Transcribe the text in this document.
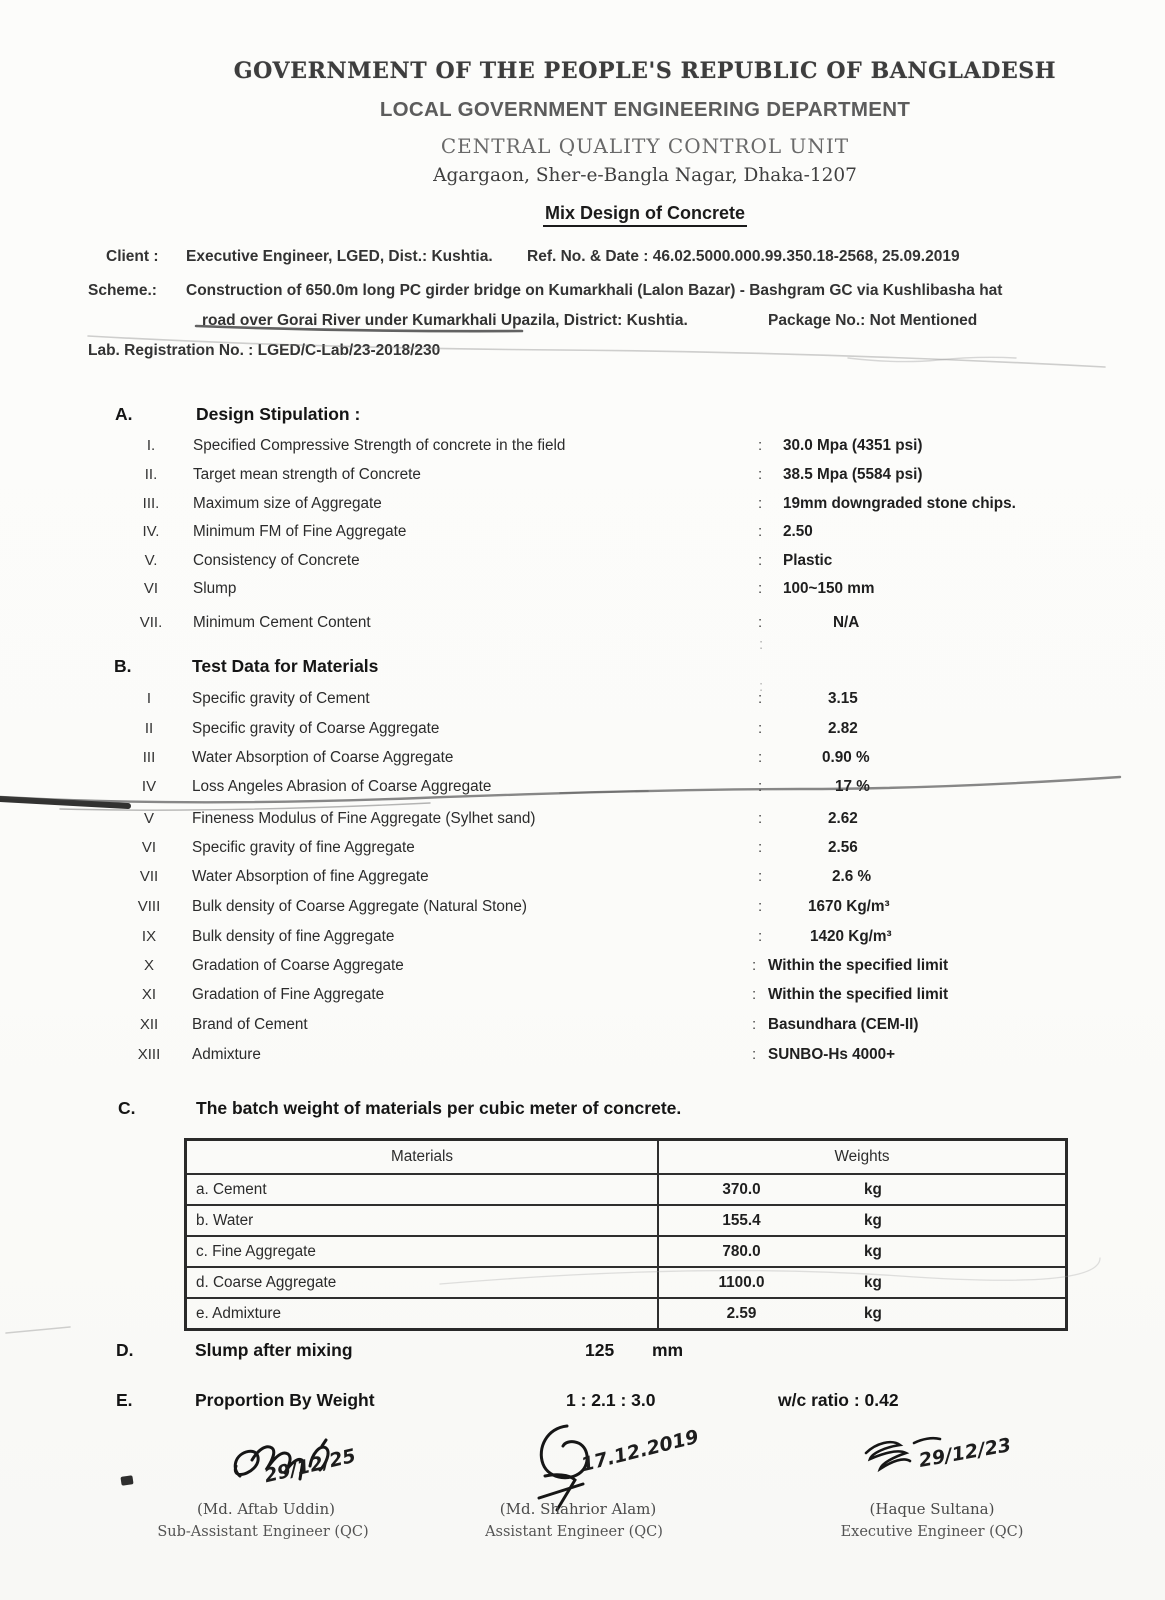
GOVERNMENT OF THE PEOPLE'S REPUBLIC OF BANGLADESH
LOCAL GOVERNMENT ENGINEERING DEPARTMENT
CENTRAL QUALITY CONTROL UNIT
Agargaon, Sher-e-Bangla Nagar, Dhaka-1207
Mix Design of Concrete
Client : Executive Engineer, LGED, Dist.: Kushtia. Ref. No. & Date : 46.02.5000.000.99.350.18-2568, 25.09.2019
Scheme.: Construction of 650.0m long PC girder bridge on Kumarkhali (Lalon Bazar) - Bashgram GC via Kushlibasha hat
road over Gorai River under Kumarkhali Upazila, District: Kushtia.	Package No.: Not Mentioned
Lab. Registration No. : LGED/C-Lab/23-2018/230
A.	Design Stipulation :
I.	Specified Compressive Strength of concrete in the field	: 30.0 Mpa (4351 psi)
II.	Target mean strength of Concrete	: 38.5 Mpa (5584 psi)
III.	Maximum size of Aggregate	: 19mm downgraded stone chips.
IV.	Minimum FM of Fine Aggregate	: 2.50
V.	Consistency of Concrete	: Plastic
VI	Slump	: 100~150 mm
VII.	Minimum Cement Content	:	N/A
:
:
B.	Test Data for Materials
I	Specific gravity of Cement	:	3.15
II	Specific gravity of Coarse Aggregate	:	2.82
III	Water Absorption of Coarse Aggregate	:	0.90 %
IV	Loss Angeles Abrasion of Coarse Aggregate	:	17 %
V	Fineness Modulus of Fine Aggregate (Sylhet sand)	:	2.62
VI	Specific gravity of fine Aggregate	:	2.56
VII	Water Absorption of fine Aggregate	:	2.6 %
VIII	Bulk density of Coarse Aggregate (Natural Stone)	:	1670 Kg/m³
IX	Bulk density of fine Aggregate	:	1420 Kg/m³
X	Gradation of Coarse Aggregate	: Within the specified limit
XI	Gradation of Fine Aggregate	: Within the specified limit
XII	Brand of Cement	: Basundhara (CEM-II)
XIII	Admixture	: SUNBO-Hs 4000+
C.	The batch weight of materials per cubic meter of concrete.
Materials	Weights
a. Cement	370.0	kg
b. Water	155.4	kg
c. Fine Aggregate	780.0	kg
d. Coarse Aggregate	1100.0	kg
e. Admixture	2.59	kg
D.	Slump after mixing	125 mm
E.	Proportion By Weight	1 : 2.1 : 3.0	w/c ratio : 0.42
29/12/25
(Md. Aftab Uddin)
Sub-Assistant Engineer (QC)
17.12.2019
(Md. Shahrior Alam)
Assistant Engineer (QC)
29/12/23
(Haque Sultana)
Executive Engineer (QC)
